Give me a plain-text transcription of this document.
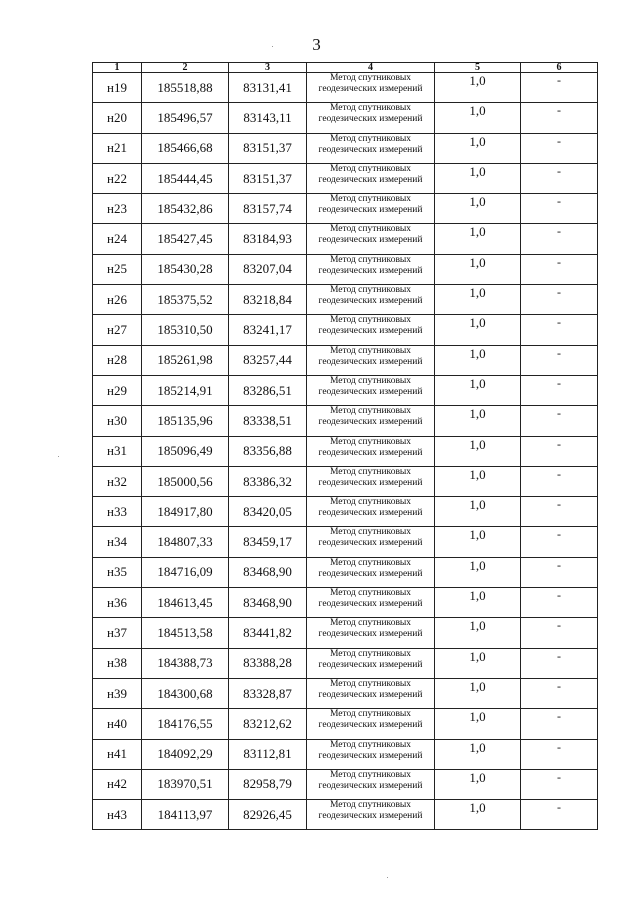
3
1	2	3	4	5	6
н19	185518,88	83131,41	Метод спутниковых
геодезических измерений	1,0	-
н20	185496,57	83143,11	Метод спутниковых
геодезических измерений	1,0	-
н21	185466,68	83151,37	Метод спутниковых
геодезических измерений	1,0	-
н22	185444,45	83151,37	Метод спутниковых
геодезических измерений	1,0	-
н23	185432,86	83157,74	Метод спутниковых
геодезических измерений	1,0	-
н24	185427,45	83184,93	Метод спутниковых
геодезических измерений	1,0	-
н25	185430,28	83207,04	Метод спутниковых
геодезических измерений	1,0	-
н26	185375,52	83218,84	Метод спутниковых
геодезических измерений	1,0	-
н27	185310,50	83241,17	Метод спутниковых
геодезических измерений	1,0	-
н28	185261,98	83257,44	Метод спутниковых
геодезических измерений	1,0	-
н29	185214,91	83286,51	Метод спутниковых
геодезических измерений	1,0	-
н30	185135,96	83338,51	Метод спутниковых
геодезических измерений	1,0	-
н31	185096,49	83356,88	Метод спутниковых
геодезических измерений	1,0	-
н32	185000,56	83386,32	Метод спутниковых
геодезических измерений	1,0	-
н33	184917,80	83420,05	Метод спутниковых
геодезических измерений	1,0	-
н34	184807,33	83459,17	Метод спутниковых
геодезических измерений	1,0	-
н35	184716,09	83468,90	Метод спутниковых
геодезических измерений	1,0	-
н36	184613,45	83468,90	Метод спутниковых
геодезических измерений	1,0	-
н37	184513,58	83441,82	Метод спутниковых
геодезических измерений	1,0	-
н38	184388,73	83388,28	Метод спутниковых
геодезических измерений	1,0	-
н39	184300,68	83328,87	Метод спутниковых
геодезических измерений	1,0	-
н40	184176,55	83212,62	Метод спутниковых
геодезических измерений	1,0	-
н41	184092,29	83112,81	Метод спутниковых
геодезических измерений	1,0	-
н42	183970,51	82958,79	Метод спутниковых
геодезических измерений	1,0	-
н43	184113,97	82926,45	Метод спутниковых
геодезических измерений	1,0	-
